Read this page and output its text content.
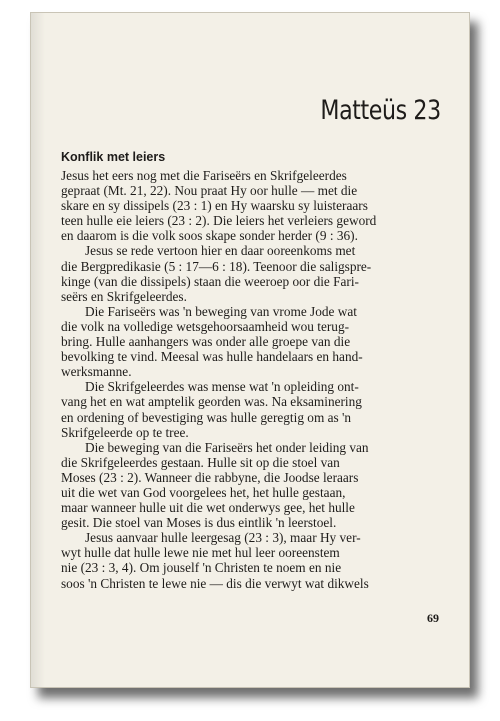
Matteüs 23
Konflik met leiers
Jesus het eers nog met die Fariseërs en Skrifgeleerdes
gepraat (Mt. 21, 22). Nou praat Hy oor hulle — met die
skare en sy dissipels (23 : 1) en Hy waarsku sy luisteraars
teen hulle eie leiers (23 : 2). Die leiers het verleiers geword
en daarom is die volk soos skape sonder herder (9 : 36).
Jesus se rede vertoon hier en daar ooreenkoms met
die Bergpredikasie (5 : 17—6 : 18). Teenoor die saligspre-
kinge (van die dissipels) staan die weeroep oor die Fari-
seërs en Skrifgeleerdes.
Die Fariseërs was 'n beweging van vrome Jode wat
die volk na volledige wetsgehoorsaamheid wou terug-
bring. Hulle aanhangers was onder alle groepe van die
bevolking te vind. Meesal was hulle handelaars en hand-
werksmanne.
Die Skrifgeleerdes was mense wat 'n opleiding ont-
vang het en wat amptelik georden was. Na eksaminering
en ordening of bevestiging was hulle geregtig om as 'n
Skrifgeleerde op te tree.
Die beweging van die Fariseërs het onder leiding van
die Skrifgeleerdes gestaan. Hulle sit op die stoel van
Moses (23 : 2). Wanneer die rabbyne, die Joodse leraars
uit die wet van God voorgelees het, het hulle gestaan,
maar wanneer hulle uit die wet onderwys gee, het hulle
gesit. Die stoel van Moses is dus eintlik 'n leerstoel.
Jesus aanvaar hulle leergesag (23 : 3), maar Hy ver-
wyt hulle dat hulle lewe nie met hul leer ooreenstem
nie (23 : 3, 4). Om jouself 'n Christen te noem en nie
soos 'n Christen te lewe nie — dis die verwyt wat dikwels

69
